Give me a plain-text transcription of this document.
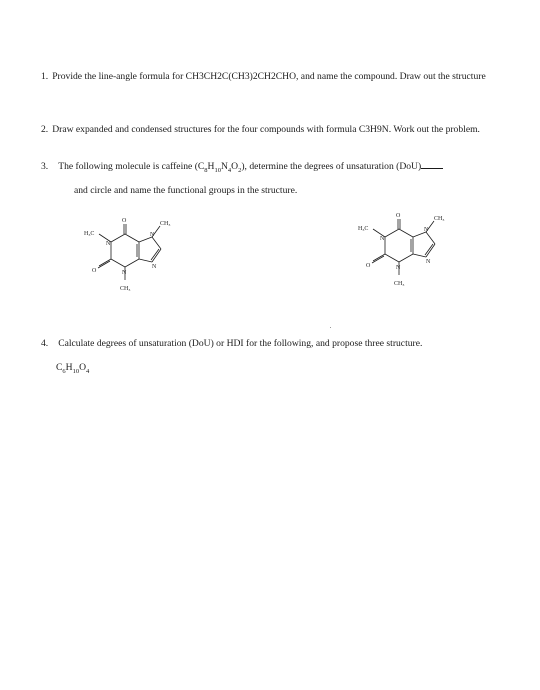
1. Provide the line-angle formula for CH3CH2C(CH3)2CH2CHO, and name the compound. Draw out the structure
2. Draw expanded and condensed structures for the four compounds with formula C3H9N. Work out the problem.
3. The following molecule is caffeine $(C_8H_{10}N_4O_2)$, determine the degrees of unsaturation (DoU)
and circle and name the functional groups in the structure.
O
O
H₃C
CH₃
CH₃
N
N
N
N
O
O
H₃C
CH₃
CH₃
N
N
N
N
4. Calculate degrees of unsaturation (DoU) or HDI for the following, and propose three structure.
$C_6H_{10}O_4$
